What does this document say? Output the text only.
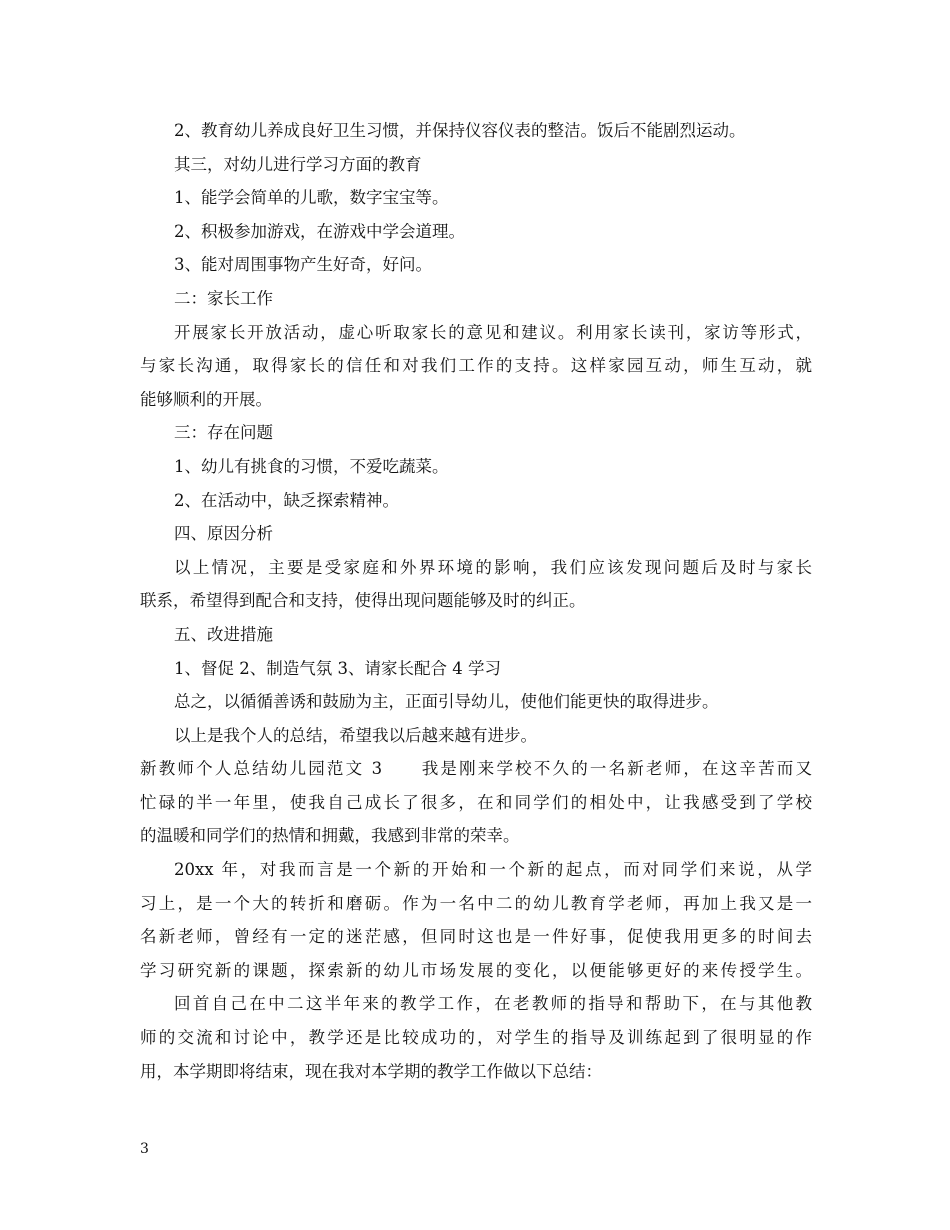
2、教育幼儿养成良好卫生习惯，并保持仪容仪表的整洁。饭后不能剧烈运动。

其三，对幼儿进行学习方面的教育

1、能学会简单的儿歌，数字宝宝等。

2、积极参加游戏，在游戏中学会道理。

3、能对周围事物产生好奇，好问。

二：家长工作

开展家长开放活动，虚心听取家长的意见和建议。利用家长读刊，家访等形式，

与家长沟通，取得家长的信任和对我们工作的支持。这样家园互动，师生互动，就

能够顺利的开展。

三：存在问题

1、幼儿有挑食的习惯，不爱吃蔬菜。

2、在活动中，缺乏探索精神。

四、原因分析

以上情况，主要是受家庭和外界环境的影响，我们应该发现问题后及时与家长

联系，希望得到配合和支持，使得出现问题能够及时的纠正。

五、改进措施

1、督促 2、制造气氛 3、请家长配合 4 学习

总之，以循循善诱和鼓励为主，正面引导幼儿，使他们能更快的取得进步。

以上是我个人的总结，希望我以后越来越有进步。

新教师个人总结幼儿园范文 3　　我是刚来学校不久的一名新老师，在这辛苦而又

忙碌的半一年里，使我自己成长了很多，在和同学们的相处中，让我感受到了学校

的温暖和同学们的热情和拥戴，我感到非常的荣幸。

20xx 年，对我而言是一个新的开始和一个新的起点，而对同学们来说，从学

习上，是一个大的转折和磨砺。作为一名中二的幼儿教育学老师，再加上我又是一

名新老师，曾经有一定的迷茫感，但同时这也是一件好事，促使我用更多的时间去

学习研究新的课题，探索新的幼儿市场发展的变化，以便能够更好的来传授学生。

回首自己在中二这半年来的教学工作，在老教师的指导和帮助下，在与其他教

师的交流和讨论中，教学还是比较成功的，对学生的指导及训练起到了很明显的作

用，本学期即将结束，现在我对本学期的教学工作做以下总结：

3
